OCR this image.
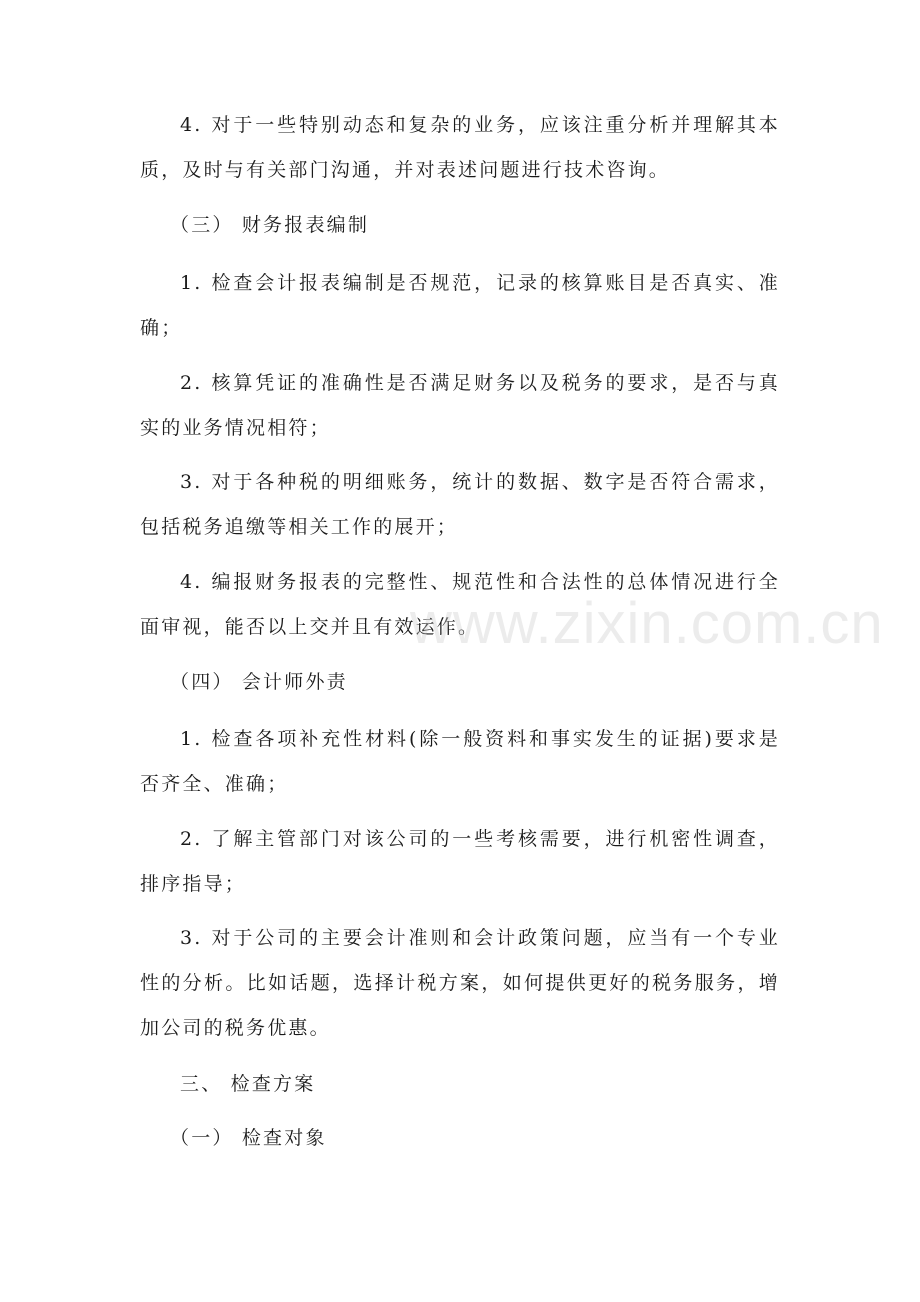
4. 对于一些特别动态和复杂的业务，应该注重分析并理解其本质，及时与有关部门沟通，并对表述问题进行技术咨询。

（三） 财务报表编制

1. 检查会计报表编制是否规范，记录的核算账目是否真实、准确；

2. 核算凭证的准确性是否满足财务以及税务的要求，是否与真实的业务情况相符；

3. 对于各种税的明细账务，统计的数据、数字是否符合需求，包括税务追缴等相关工作的展开；

4. 编报财务报表的完整性、规范性和合法性的总体情况进行全面审视，能否以上交并且有效运作。

（四） 会计师外责

1. 检查各项补充性材料(除一般资料和事实发生的证据)要求是否齐全、准确；

2. 了解主管部门对该公司的一些考核需要，进行机密性调查，排序指导；

3. 对于公司的主要会计准则和会计政策问题，应当有一个专业性的分析。比如话题，选择计税方案，如何提供更好的税务服务，增加公司的税务优惠。

三、 检查方案

（一） 检查对象

www.zixin.com.cn
